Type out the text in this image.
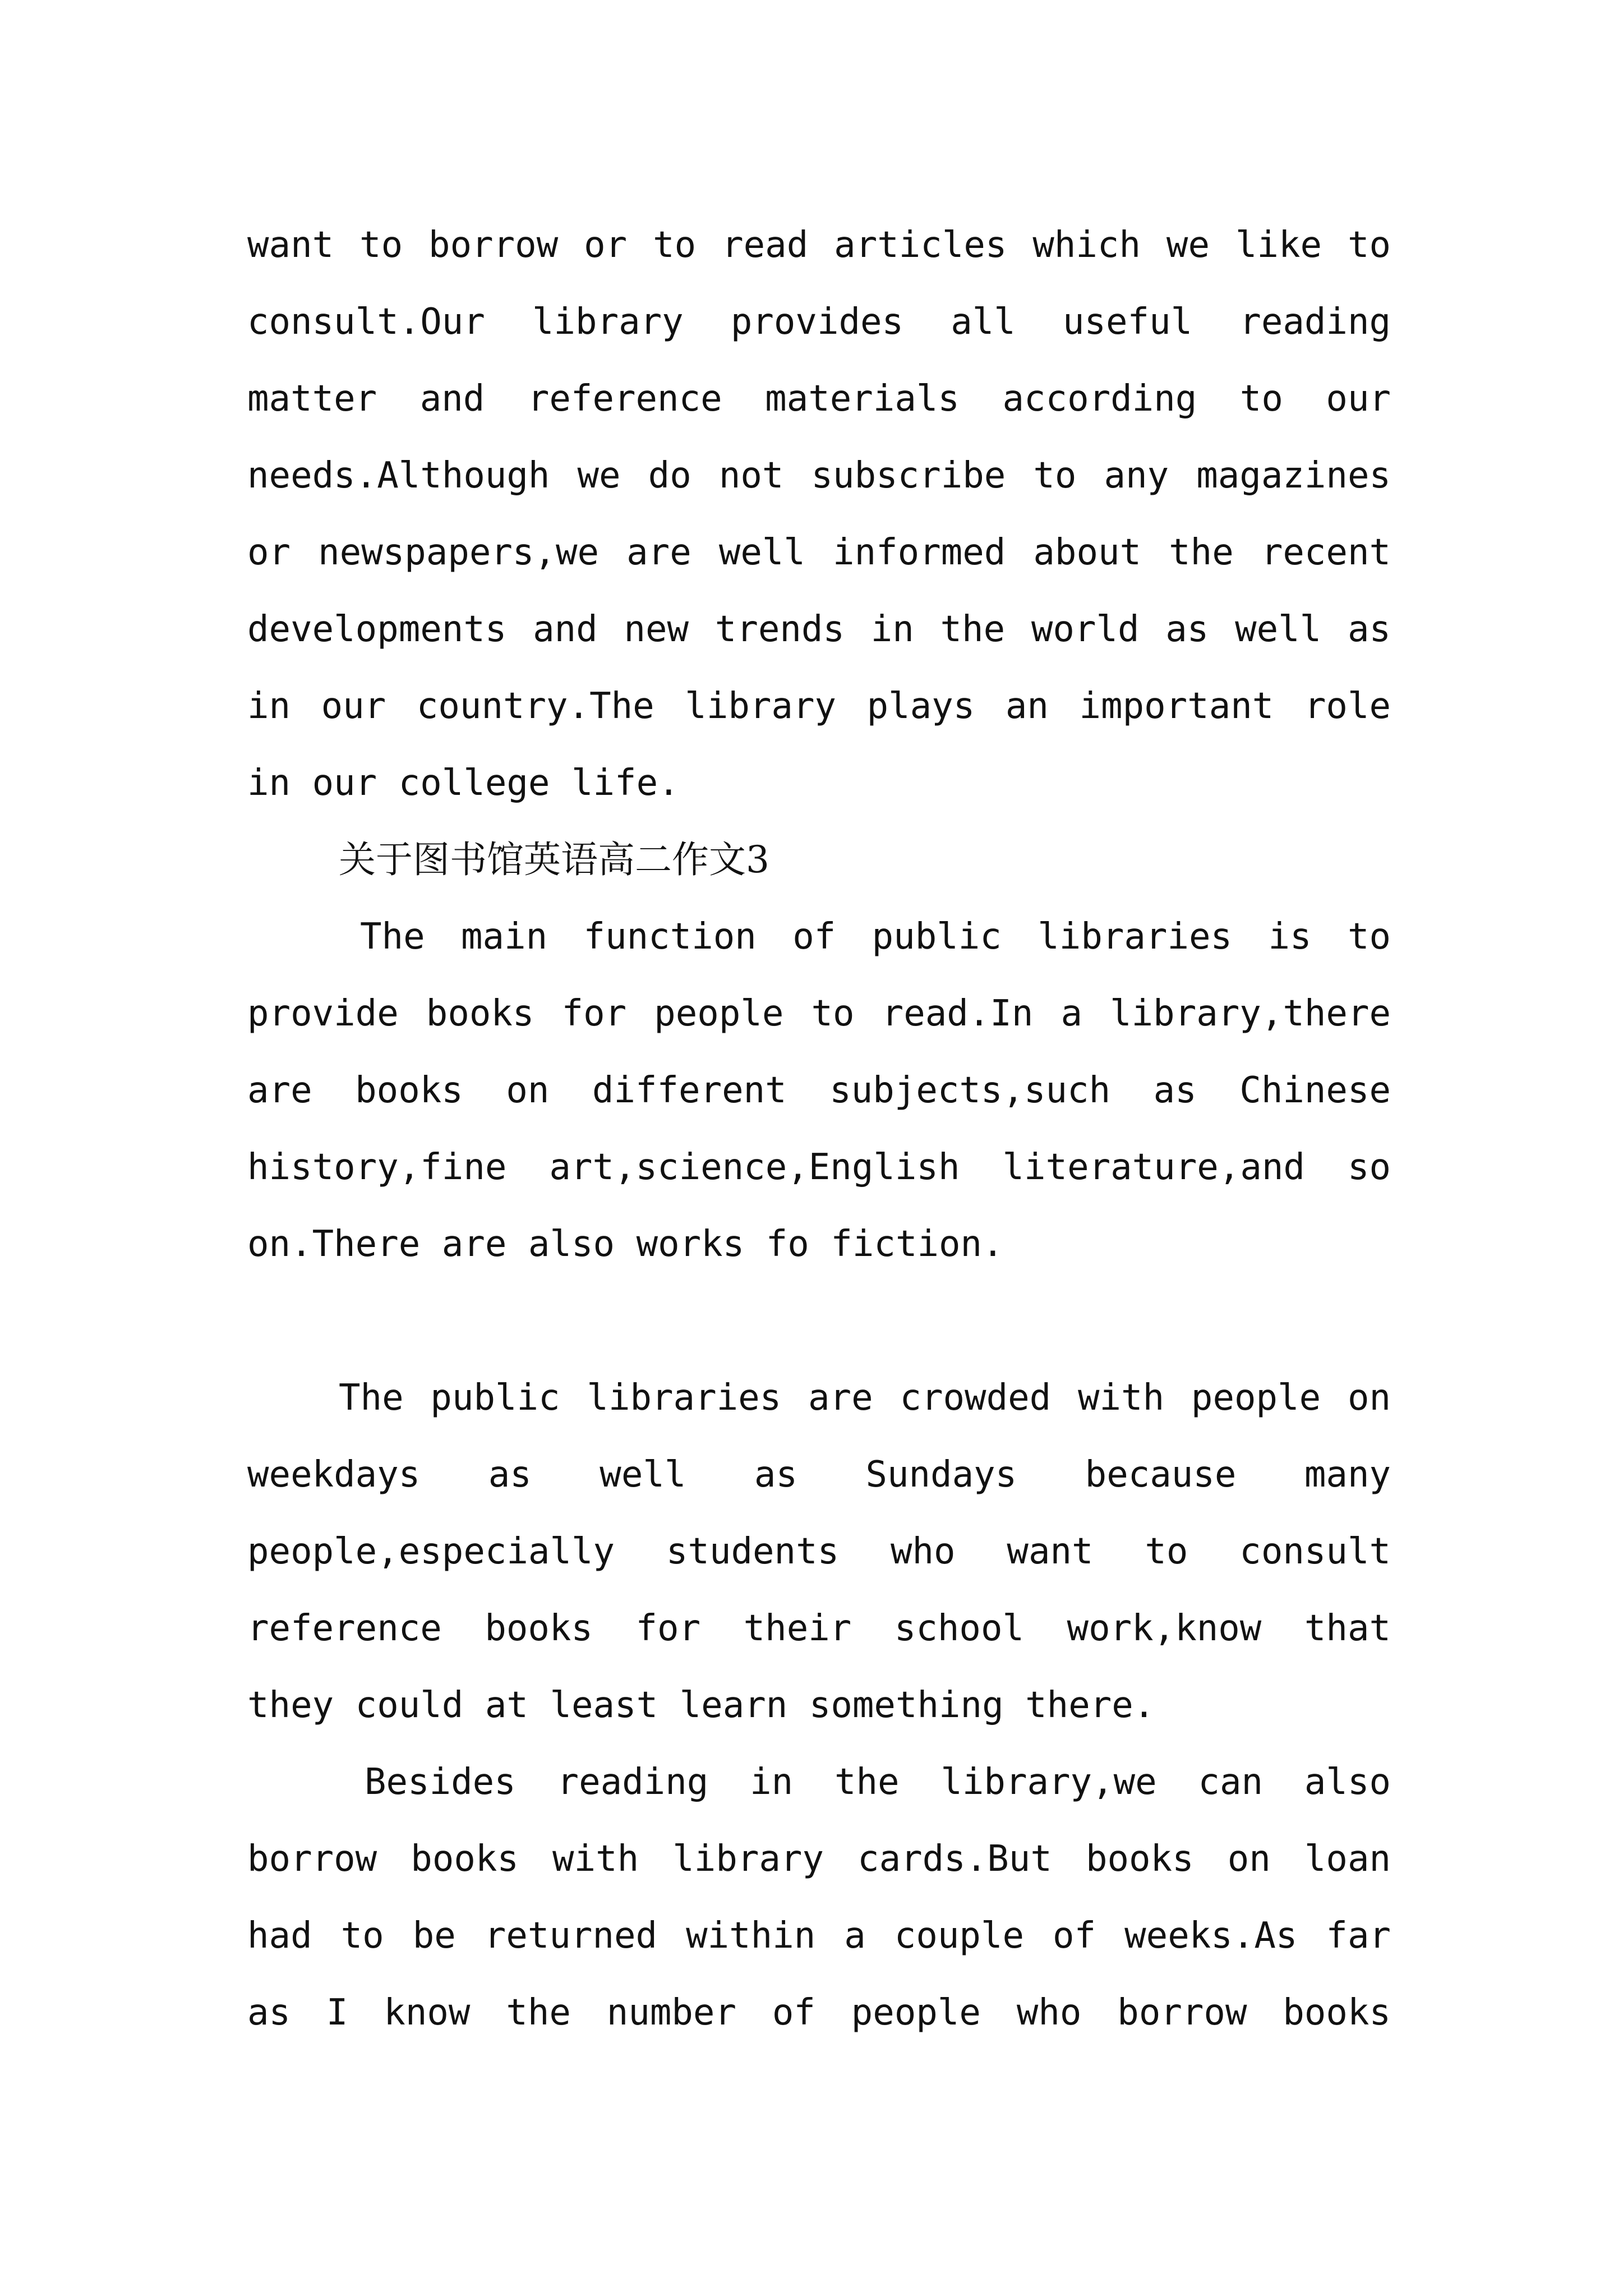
want to borrow or to read articles which we like to
consult.Our library provides all useful reading
matter and reference materials according to our
needs.Although we do not subscribe to any magazines
or newspapers,we are well informed about the recent
developments and new trends in the world as well as
in our country.The library plays an important role
in our college life.
关于图书馆英语高二作文3
The main function of public libraries is to
provide books for people to read.In a library,there
are books on different subjects,such as Chinese
history,fine art,science,English literature,and so
on.There are also works fo fiction.
The public libraries are crowded with people on
weekdays as well as Sundays because many
people,especially students who want to consult
reference books for their school work,know that
they could at least learn something there.
Besides reading in the library,we can also
borrow books with library cards.But books on loan
had to be returned within a couple of weeks.As far
as I know the number of people who borrow books
